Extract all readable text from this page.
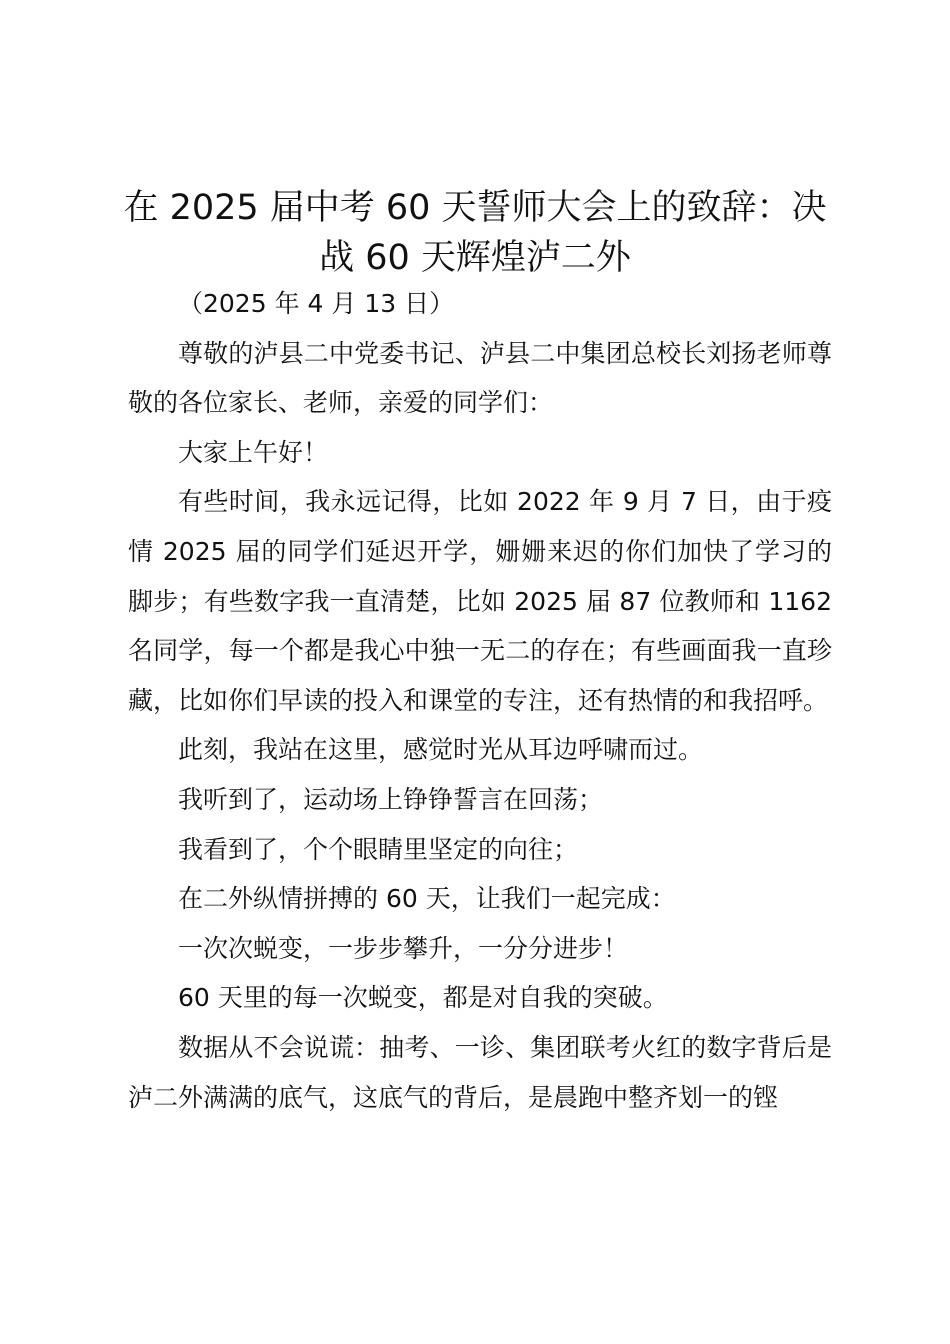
在 2025 届中考 60 天誓师大会上的致辞：决战 60 天辉煌泸二外

（2025 年 4 月 13 日）

尊敬的泸县二中党委书记、泸县二中集团总校长刘扬老师尊敬的各位家长、老师，亲爱的同学们：

大家上午好！

有些时间，我永远记得，比如 2022 年 9 月 7 日，由于疫情 2025 届的同学们延迟开学，姗姗来迟的你们加快了学习的脚步；有些数字我一直清楚，比如 2025 届 87 位教师和 1162 名同学，每一个都是我心中独一无二的存在；有些画面我一直珍藏，比如你们早读的投入和课堂的专注，还有热情的和我招呼。

此刻，我站在这里，感觉时光从耳边呼啸而过。

我听到了，运动场上铮铮誓言在回荡；

我看到了，个个眼睛里坚定的向往；

在二外纵情拼搏的 60 天，让我们一起完成：

一次次蜕变，一步步攀升，一分分进步！

60 天里的每一次蜕变，都是对自我的突破。

数据从不会说谎：抽考、一诊、集团联考火红的数字背后是泸二外满满的底气，这底气的背后，是晨跑中整齐划一的铿
